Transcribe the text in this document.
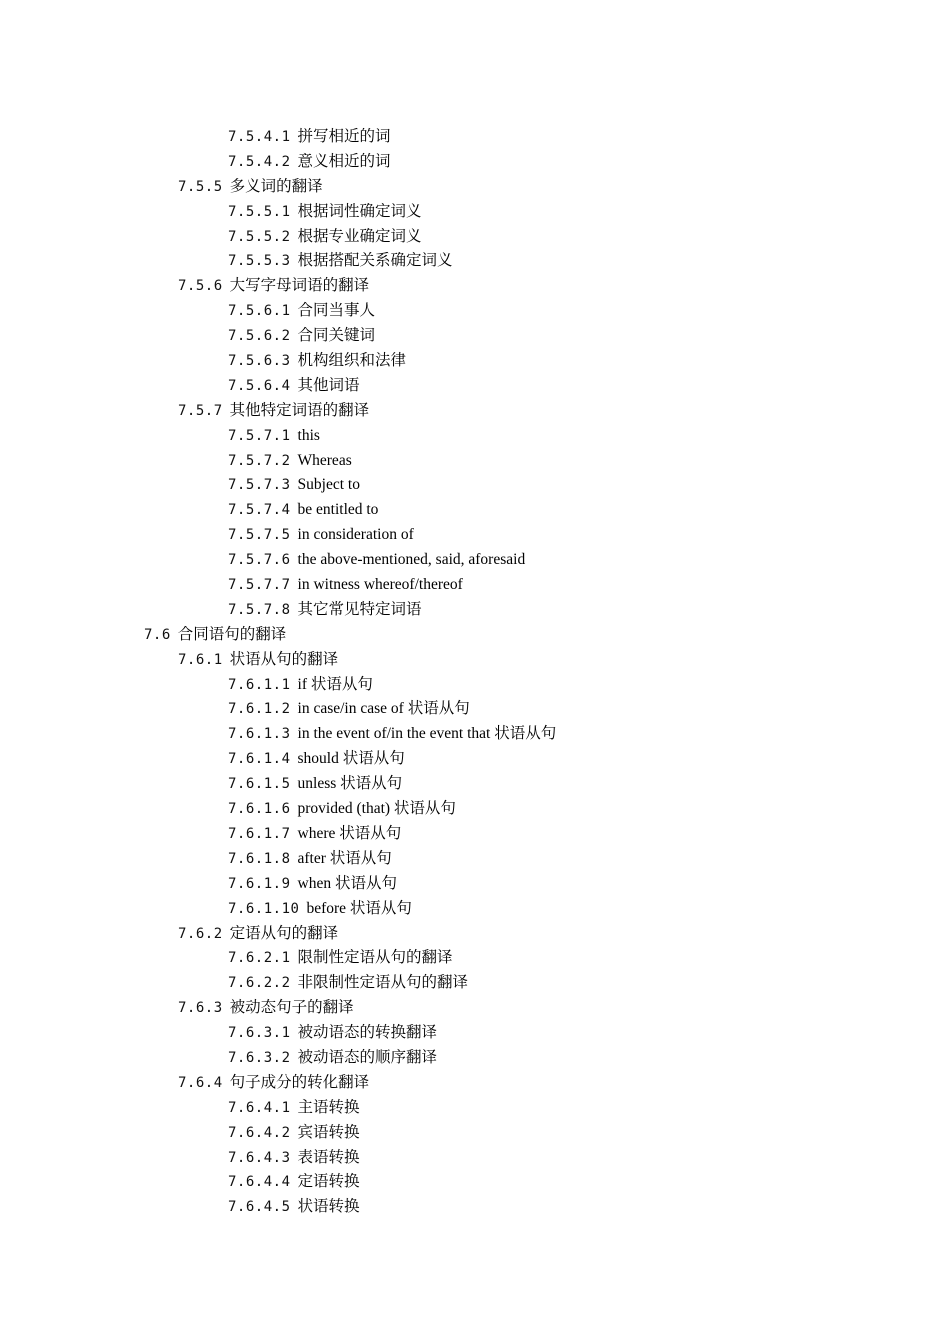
7.5.4.1 拼写相近的词
7.5.4.2 意义相近的词
7.5.5 多义词的翻译
7.5.5.1 根据词性确定词义
7.5.5.2 根据专业确定词义
7.5.5.3 根据搭配关系确定词义
7.5.6 大写字母词语的翻译
7.5.6.1 合同当事人
7.5.6.2 合同关键词
7.5.6.3 机构组织和法律
7.5.6.4 其他词语
7.5.7 其他特定词语的翻译
7.5.7.1 this
7.5.7.2 Whereas
7.5.7.3 Subject to
7.5.7.4 be entitled to
7.5.7.5 in consideration of
7.5.7.6 the above-mentioned, said, aforesaid
7.5.7.7 in witness whereof/thereof
7.5.7.8 其它常见特定词语
7.6 合同语句的翻译
7.6.1 状语从句的翻译
7.6.1.1 if 状语从句
7.6.1.2 in case/in case of 状语从句
7.6.1.3 in the event of/in the event that 状语从句
7.6.1.4 should 状语从句
7.6.1.5 unless 状语从句
7.6.1.6 provided (that) 状语从句
7.6.1.7 where 状语从句
7.6.1.8 after 状语从句
7.6.1.9 when 状语从句
7.6.1.10 before 状语从句
7.6.2 定语从句的翻译
7.6.2.1 限制性定语从句的翻译
7.6.2.2 非限制性定语从句的翻译
7.6.3 被动态句子的翻译
7.6.3.1 被动语态的转换翻译
7.6.3.2 被动语态的顺序翻译
7.6.4 句子成分的转化翻译
7.6.4.1 主语转换
7.6.4.2 宾语转换
7.6.4.3 表语转换
7.6.4.4 定语转换
7.6.4.5 状语转换
